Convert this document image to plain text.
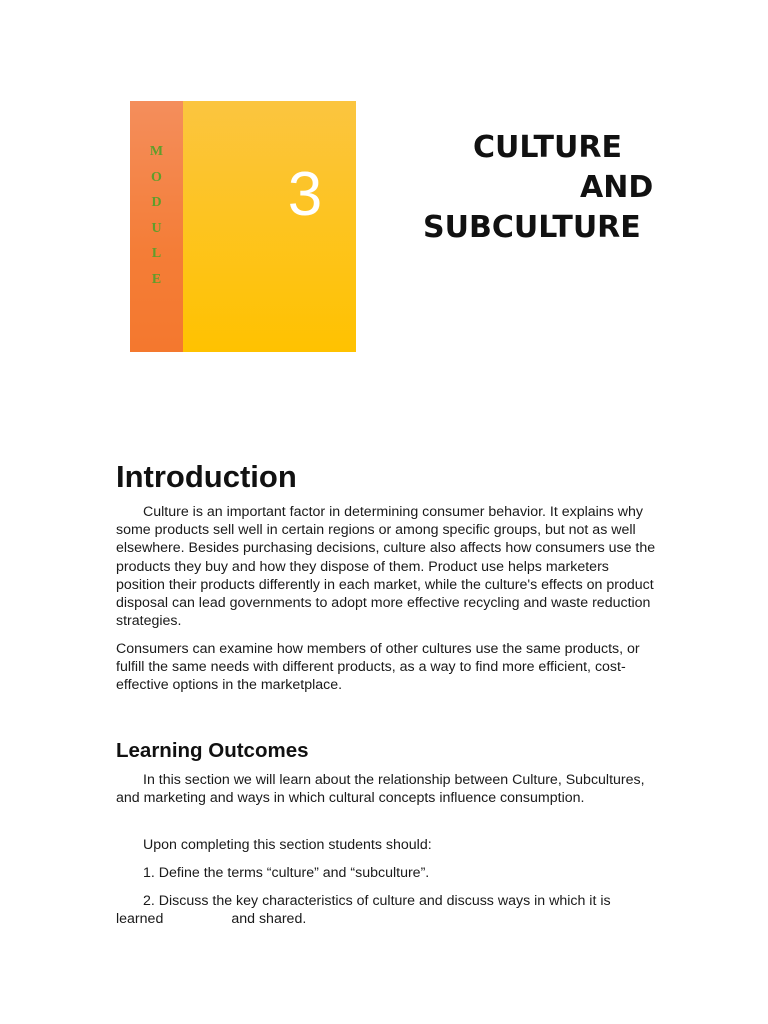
M
O
D
U
L
E
3
CULTURE
AND
SUBCULTURE
Introduction

Culture is an important factor in determining consumer behavior. It explains why some products sell well in certain regions or among specific groups, but not as well elsewhere. Besides purchasing decisions, culture also affects how consumers use the products they buy and how they dispose of them. Product use helps marketers position their products differently in each market, while the culture's effects on product disposal can lead governments to adopt more effective recycling and waste reduction strategies.

Consumers can examine how members of other cultures use the same products, or fulfill the same needs with different products, as a way to find more efficient, cost-effective options in the marketplace.

Learning Outcomes

In this section we will learn about the relationship between Culture, Subcultures, and marketing and ways in which cultural concepts influence consumption.

Upon completing this section students should:

1. Define the terms “culture” and “subculture”.

2. Discuss the key characteristics of culture and discuss ways in which it is learned	and shared.
